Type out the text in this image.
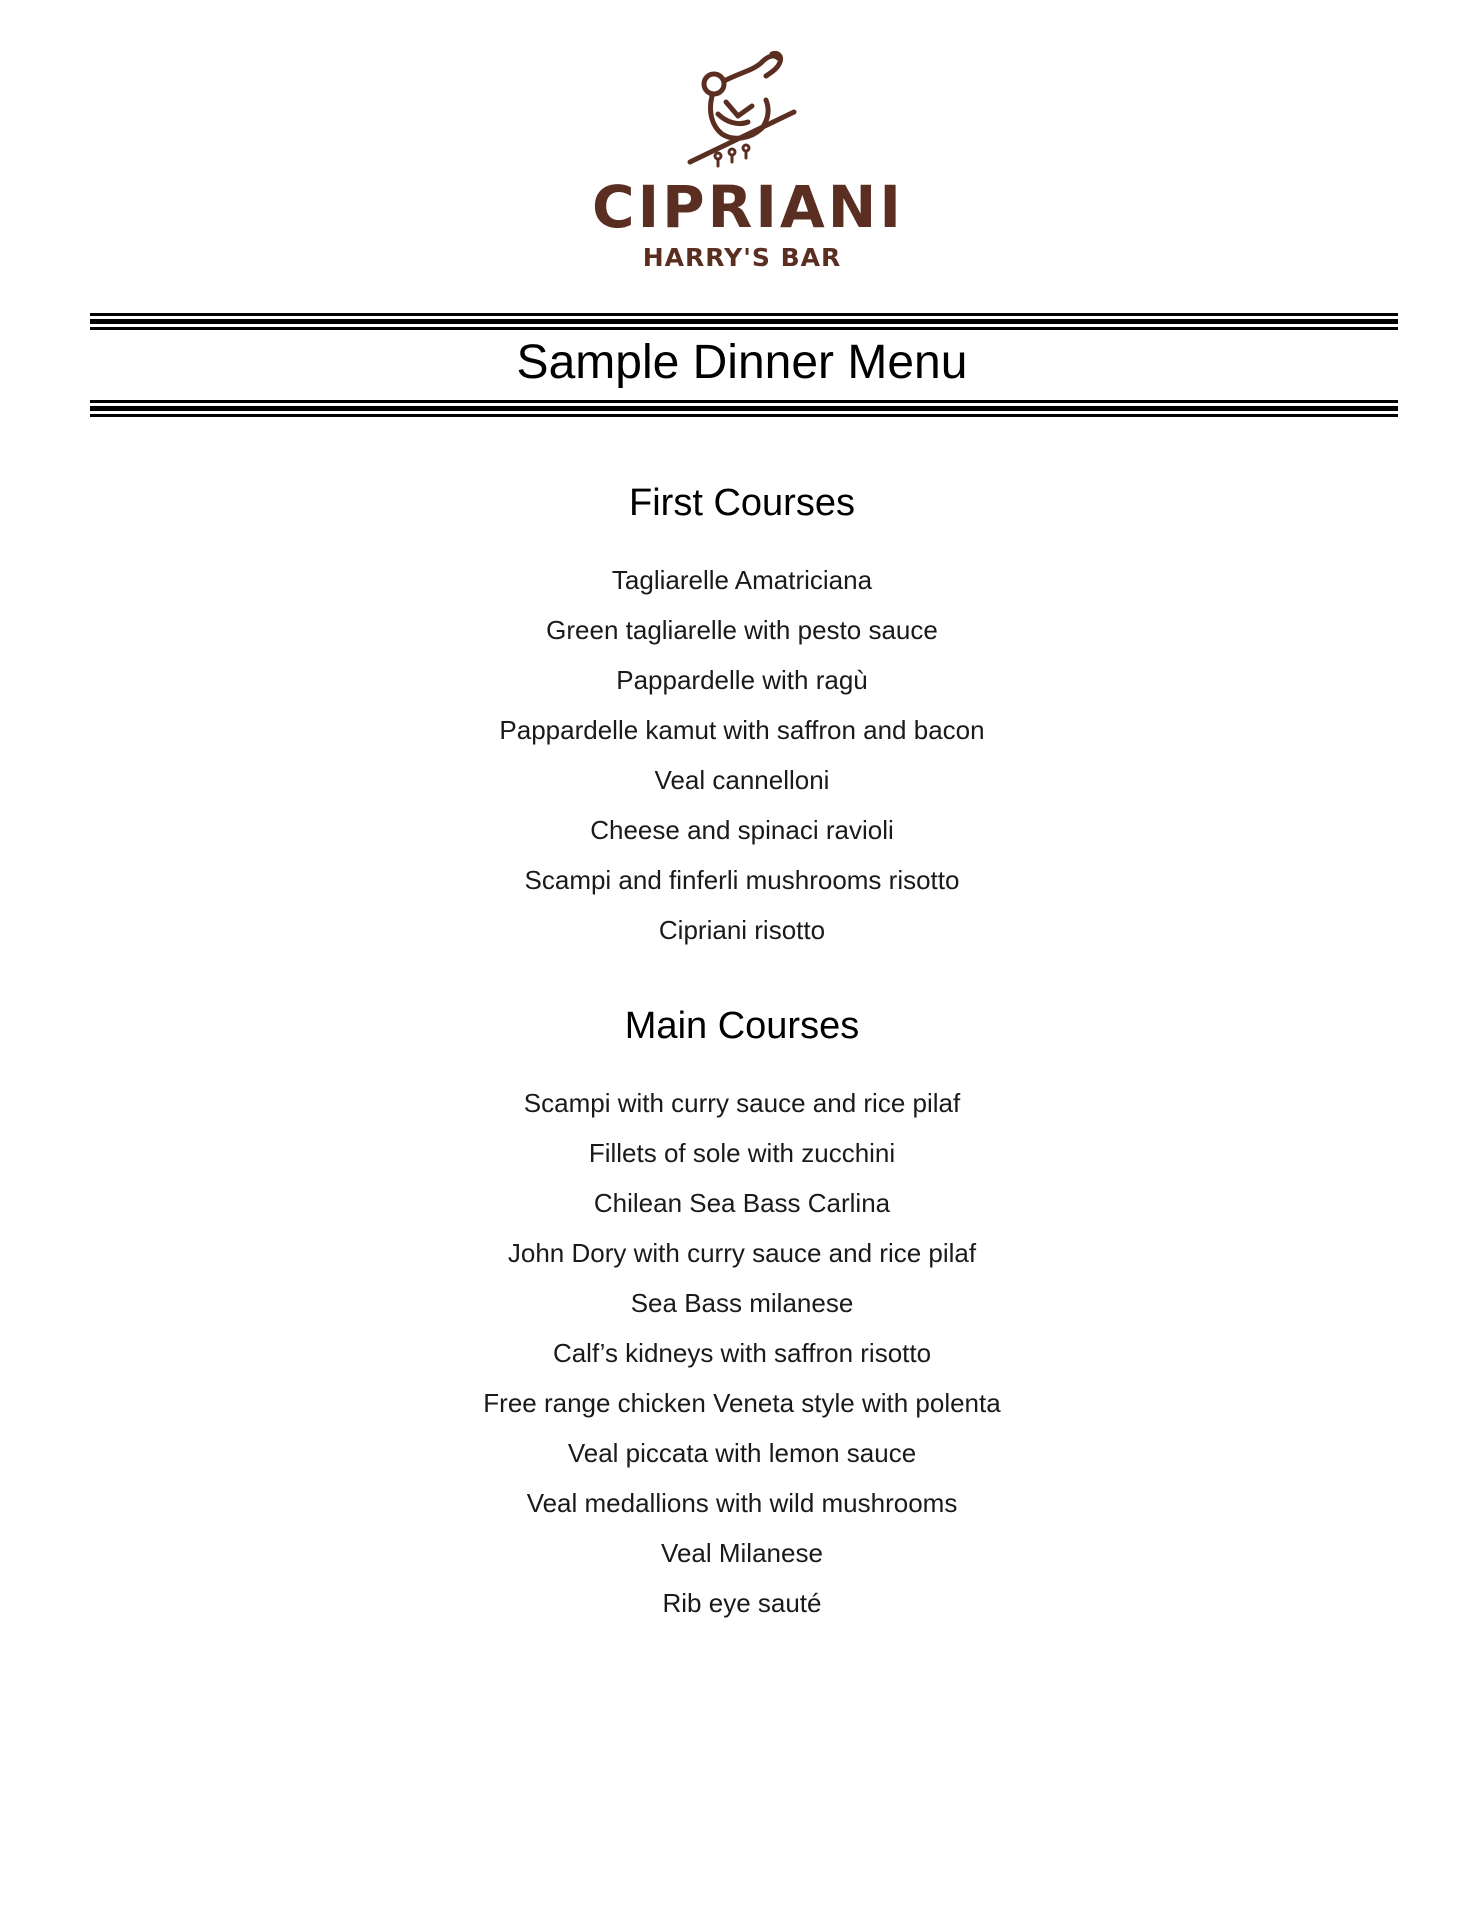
CIPRIANI
HARRY'S BAR
Sample Dinner Menu
First Courses
Tagliarelle Amatriciana
Green tagliarelle with pesto sauce
Pappardelle with ragù
Pappardelle kamut with saffron and bacon
Veal cannelloni
Cheese and spinaci ravioli
Scampi and finferli mushrooms risotto
Cipriani risotto
Main Courses
Scampi with curry sauce and rice pilaf
Fillets of sole with zucchini
Chilean Sea Bass Carlina
John Dory with curry sauce and rice pilaf
Sea Bass milanese
Calf’s kidneys with saffron risotto
Free range chicken Veneta style with polenta
Veal piccata with lemon sauce
Veal medallions with wild mushrooms
Veal Milanese
Rib eye sauté
